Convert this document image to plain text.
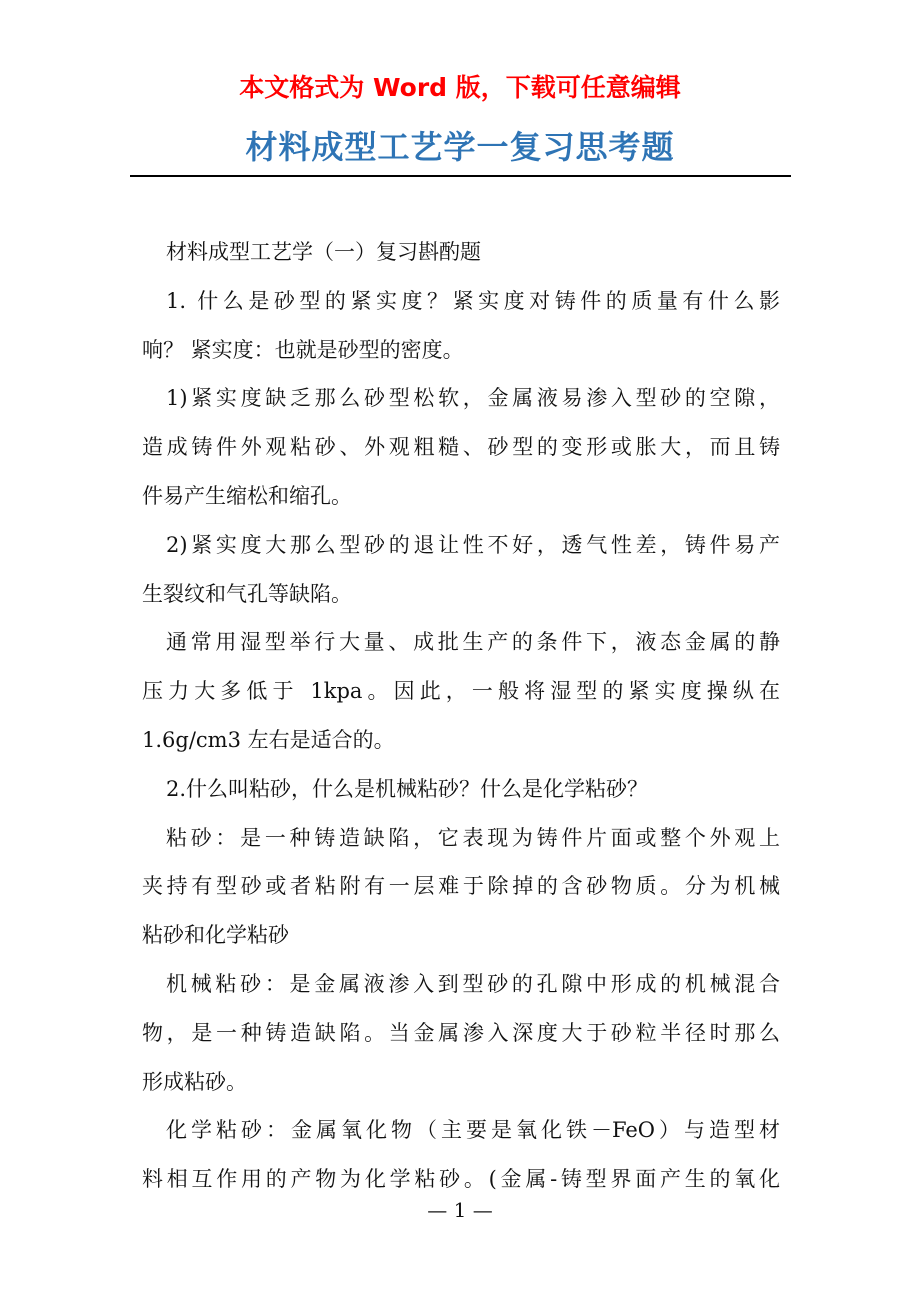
本文格式为 Word 版，下载可任意编辑
材料成型工艺学一复习思考题
材料成型工艺学（一）复习斟酌题
1. 什么是砂型的紧实度？紧实度对铸件的质量有什么影
响？ 紧实度：也就是砂型的密度。
1)紧实度缺乏那么砂型松软，金属液易渗入型砂的空隙，
造成铸件外观粘砂、外观粗糙、砂型的变形或胀大，而且铸
件易产生缩松和缩孔。
2)紧实度大那么型砂的退让性不好，透气性差，铸件易产
生裂纹和气孔等缺陷。
通常用湿型举行大量、成批生产的条件下，液态金属的静
压力大多低于 1kpa。因此，一般将湿型的紧实度操纵在
1.6g/cm3 左右是适合的。
2.什么叫粘砂，什么是机械粘砂？什么是化学粘砂？
粘砂：是一种铸造缺陷，它表现为铸件片面或整个外观上
夹持有型砂或者粘附有一层难于除掉的含砂物质。分为机械
粘砂和化学粘砂
机械粘砂：是金属液渗入到型砂的孔隙中形成的机械混合
物，是一种铸造缺陷。当金属渗入深度大于砂粒半径时那么
形成粘砂。
化学粘砂：金属氧化物（主要是氧化铁－FeO）与造型材
料相互作用的产物为化学粘砂。(金属-铸型界面产生的氧化
— 1 —
